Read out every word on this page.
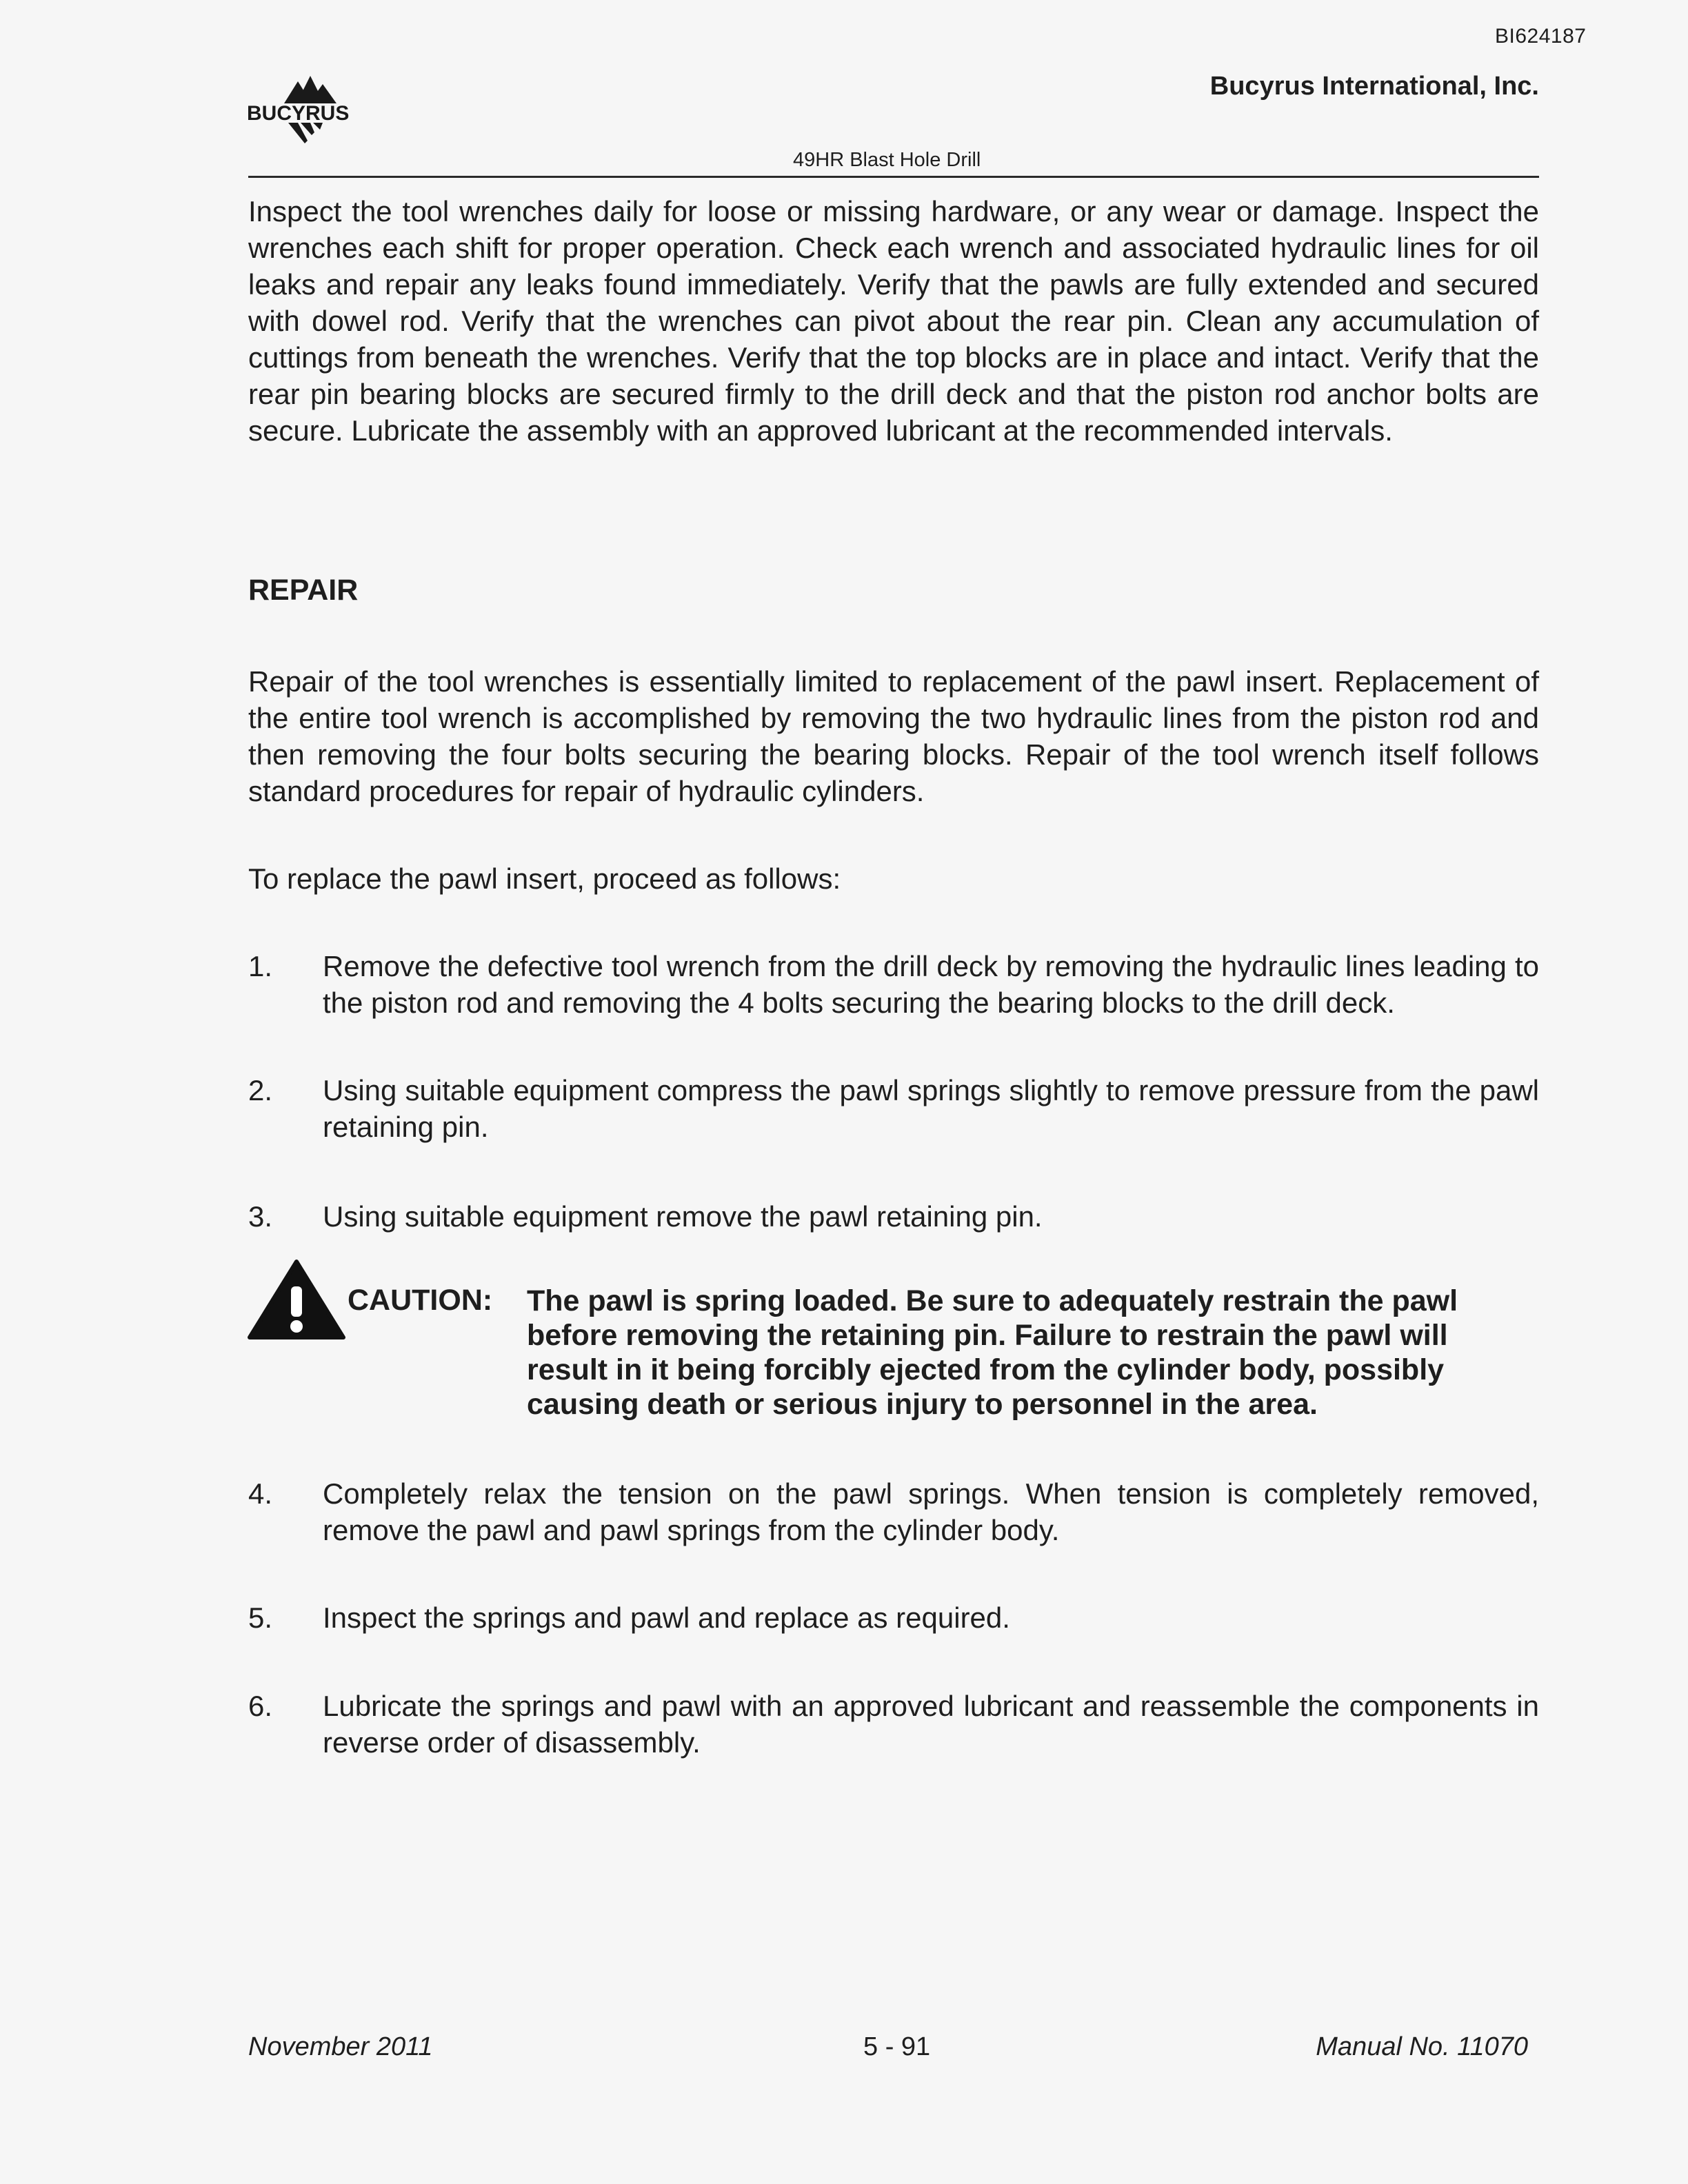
BI624187
BUCYRUS
Bucyrus International, Inc.
49HR Blast Hole Drill
Inspect the tool wrenches daily for loose or missing hardware, or any wear or damage. Inspect the wrenches each shift for proper operation. Check each wrench and associated hydraulic lines for oil leaks and repair any leaks found immediately. Verify that the pawls are fully extended and secured with dowel rod. Verify that the wrenches can pivot about the rear pin. Clean any accumulation of cuttings from beneath the wrenches. Verify that the top blocks are in place and intact. Verify that the rear pin bearing blocks are secured firmly to the drill deck and that the piston rod anchor bolts are secure. Lubricate the assembly with an approved lubricant at the recommended intervals.
REPAIR
Repair of the tool wrenches is essentially limited to replacement of the pawl insert. Replacement of the entire tool wrench is accomplished by removing the two hydraulic lines from the piston rod and then removing the four bolts securing the bearing blocks. Repair of the tool wrench itself follows standard procedures for repair of hydraulic cylinders.
To replace the pawl insert, proceed as follows:
1. Remove the defective tool wrench from the drill deck by removing the hydraulic lines leading to the piston rod and removing the 4 bolts securing the bearing blocks to the drill deck.
2. Using suitable equipment compress the pawl springs slightly to remove pressure from the pawl retaining pin.
3. Using suitable equipment remove the pawl retaining pin.
CAUTION: The pawl is spring loaded. Be sure to adequately restrain the pawl before removing the retaining pin. Failure to restrain the pawl will result in it being forcibly ejected from the cylinder body, possibly causing death or serious injury to personnel in the area.
4. Completely relax the tension on the pawl springs. When tension is completely removed, remove the pawl and pawl springs from the cylinder body.
5. Inspect the springs and pawl and replace as required.
6. Lubricate the springs and pawl with an approved lubricant and reassemble the components in reverse order of disassembly.
November 2011	5 - 91	Manual No. 11070
